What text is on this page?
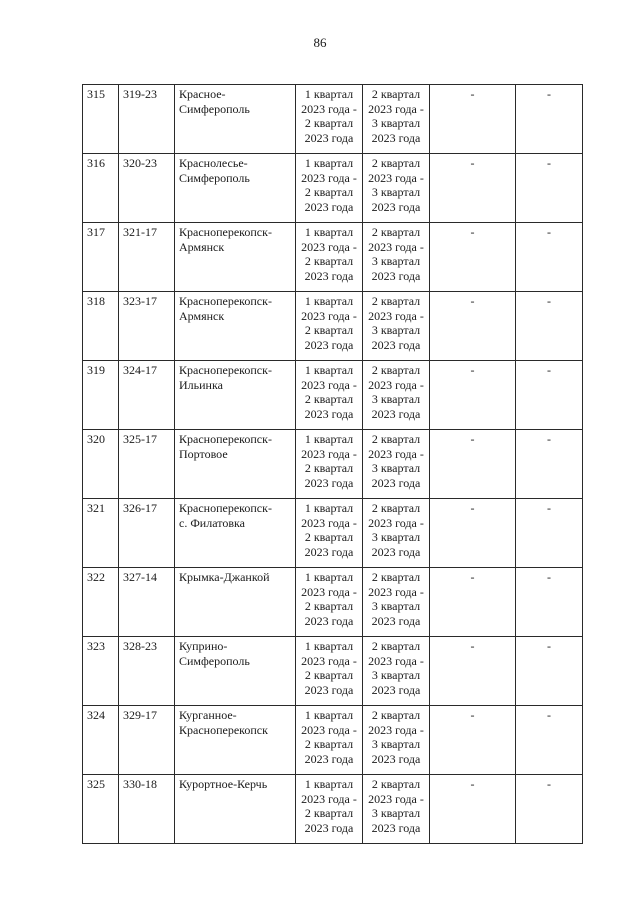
86
315	319-23	Красное-
Симферополь	1 квартал
2023 года -
2 квартал
2023 года	2 квартал
2023 года -
3 квартал
2023 года	-	-
316	320-23	Краснолесье-
Симферополь	1 квартал
2023 года -
2 квартал
2023 года	2 квартал
2023 года -
3 квартал
2023 года	-	-
317	321-17	Красноперекопск-
Армянск	1 квартал
2023 года -
2 квартал
2023 года	2 квартал
2023 года -
3 квартал
2023 года	-	-
318	323-17	Красноперекопск-
Армянск	1 квартал
2023 года -
2 квартал
2023 года	2 квартал
2023 года -
3 квартал
2023 года	-	-
319	324-17	Красноперекопск-
Ильинка	1 квартал
2023 года -
2 квартал
2023 года	2 квартал
2023 года -
3 квартал
2023 года	-	-
320	325-17	Красноперекопск-
Портовое	1 квартал
2023 года -
2 квартал
2023 года	2 квартал
2023 года -
3 квартал
2023 года	-	-
321	326-17	Красноперекопск-
с. Филатовка	1 квартал
2023 года -
2 квартал
2023 года	2 квартал
2023 года -
3 квартал
2023 года	-	-
322	327-14	Крымка-Джанкой	1 квартал
2023 года -
2 квартал
2023 года	2 квартал
2023 года -
3 квартал
2023 года	-	-
323	328-23	Куприно-
Симферополь	1 квартал
2023 года -
2 квартал
2023 года	2 квартал
2023 года -
3 квартал
2023 года	-	-
324	329-17	Курганное-
Красноперекопск	1 квартал
2023 года -
2 квартал
2023 года	2 квартал
2023 года -
3 квартал
2023 года	-	-
325	330-18	Курортное-Керчь	1 квартал
2023 года -
2 квартал
2023 года	2 квартал
2023 года -
3 квартал
2023 года	-	-
